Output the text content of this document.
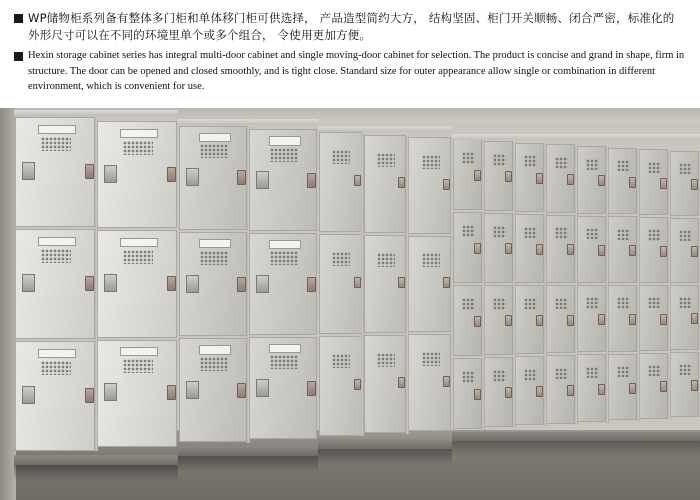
WP储物柜系列备有整体多门柜和单体移门柜可供选择， 产品造型简约大方， 结构坚固、柜门开关顺畅、闭合严密，标准化的外形尺寸可以在不同的环境里单个或多个组合， 令使用更加方便。
Hexin storage cabinet series has integral multi-door cabinet and single moving-door cabinet for selection. The product is concise and grand in shape, firm in structure. The door can be opened and closed smoothly, and is tight close. Standard size for outer appearance allow single or combination in different environment, which is convenient for use.
